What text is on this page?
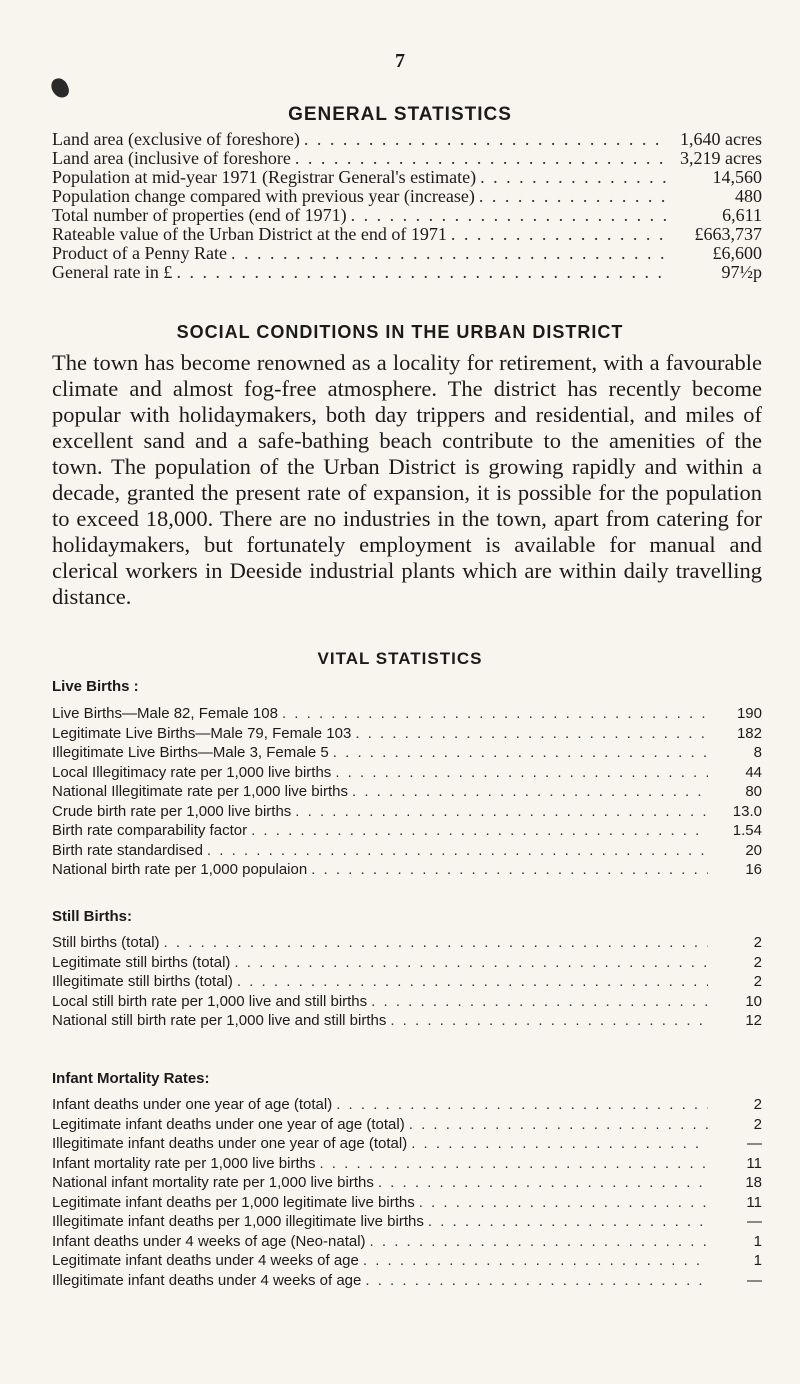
7
GENERAL STATISTICS
Land area (exclusive of foreshore) . . .	1,640 acres
Land area (inclusive of foreshore . . .	3,219 acres
Population at mid-year 1971 (Registrar General's estimate) . . .	14,560
Population change compared with previous year (increase) . . .	480
Total number of properties (end of 1971) . . .	6,611
Rateable value of the Urban District at the end of 1971 . . .	£663,737
Product of a Penny Rate . . .	£6,600
General rate in £ . . .	97½p
SOCIAL CONDITIONS IN THE URBAN DISTRICT

The town has become renowned as a locality for retirement, with a favourable climate and almost fog-free atmosphere. The district has recently become popular with holidaymakers, both day trippers and residential, and miles of excellent sand and a safe-bathing beach contribute to the amenities of the town. The population of the Urban District is growing rapidly and within a decade, granted the present rate of expansion, it is possible for the population to exceed 18,000. There are no industries in the town, apart from catering for holidaymakers, but fortunately employment is available for manual and clerical workers in Deeside industrial plants which are within daily travelling distance.

VITAL STATISTICS
Live Births :
Live Births—Male 82, Female 108 . . .	190
Legitimate Live Births—Male 79, Female 103 . . .	182
Illegitimate Live Births—Male 3, Female 5 . . .	8
Local Illegitimacy rate per 1,000 live births . . .	44
National Illegitimate rate per 1,000 live births . . .	80
Crude birth rate per 1,000 live births . . .	13.0
Birth rate comparability factor . . .	1.54
Birth rate standardised . . .	20
National birth rate per 1,000 populaion . . .	16
Still Births:
Still births (total) . . .	2
Legitimate still births (total) . . .	2
Illegitimate still births (total) . . .	2
Local still birth rate per 1,000 live and still births . . .	10
National still birth rate per 1,000 live and still births . . .	12
Infant Mortality Rates:
Infant deaths under one year of age (total) . . .	2
Legitimate infant deaths under one year of age (total) . . .	2
Illegitimate infant deaths under one year of age (total) . . .	—
Infant mortality rate per 1,000 live births . . .	11
National infant mortality rate per 1,000 live births . . .	18
Legitimate infant deaths per 1,000 legitimate live births . . .	11
Illegitimate infant deaths per 1,000 illegitimate live births . . .	—
Infant deaths under 4 weeks of age (Neo-natal) . . .	1
Legitimate infant deaths under 4 weeks of age . . .	1
Illegitimate infant deaths under 4 weeks of age . . .	—
